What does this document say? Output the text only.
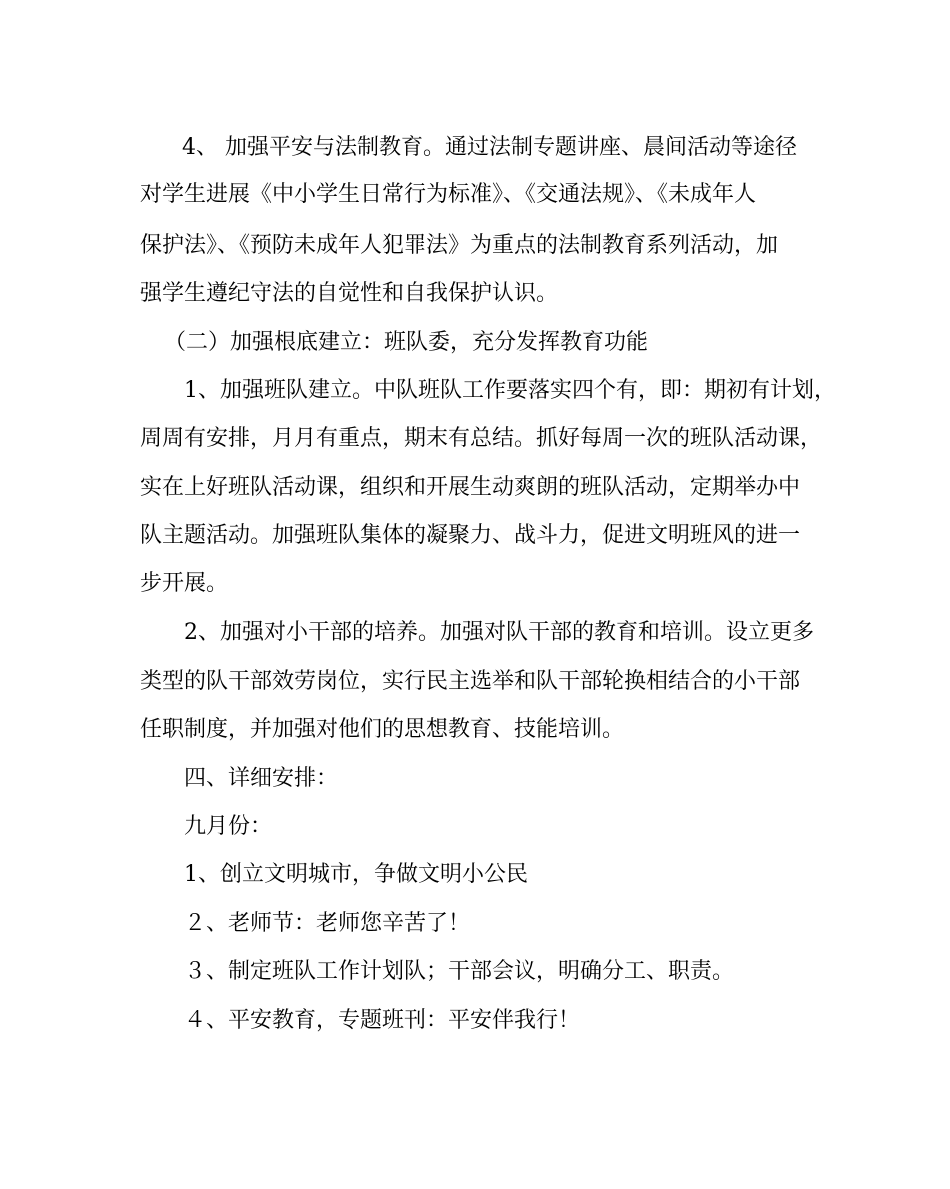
4、 加强平安与法制教育。通过法制专题讲座、晨间活动等途径
对学生进展《中小学生日常行为标准》、《交通法规》、《未成年人
保护法》、《预防未成年人犯罪法》为重点的法制教育系列活动，加
强学生遵纪守法的自觉性和自我保护认识。
（二）加强根底建立：班队委，充分发挥教育功能
1、加强班队建立。中队班队工作要落实四个有，即：期初有计划，
周周有安排，月月有重点，期末有总结。抓好每周一次的班队活动课，
实在上好班队活动课，组织和开展生动爽朗的班队活动，定期举办中
队主题活动。加强班队集体的凝聚力、战斗力，促进文明班风的进一
步开展。
2、加强对小干部的培养。加强对队干部的教育和培训。设立更多
类型的队干部效劳岗位，实行民主选举和队干部轮换相结合的小干部
任职制度，并加强对他们的思想教育、技能培训。
四、详细安排：
九月份：
1、创立文明城市，争做文明小公民
２、老师节：老师您辛苦了！
３、制定班队工作计划队；干部会议，明确分工、职责。
４、平安教育，专题班刊：平安伴我行！
